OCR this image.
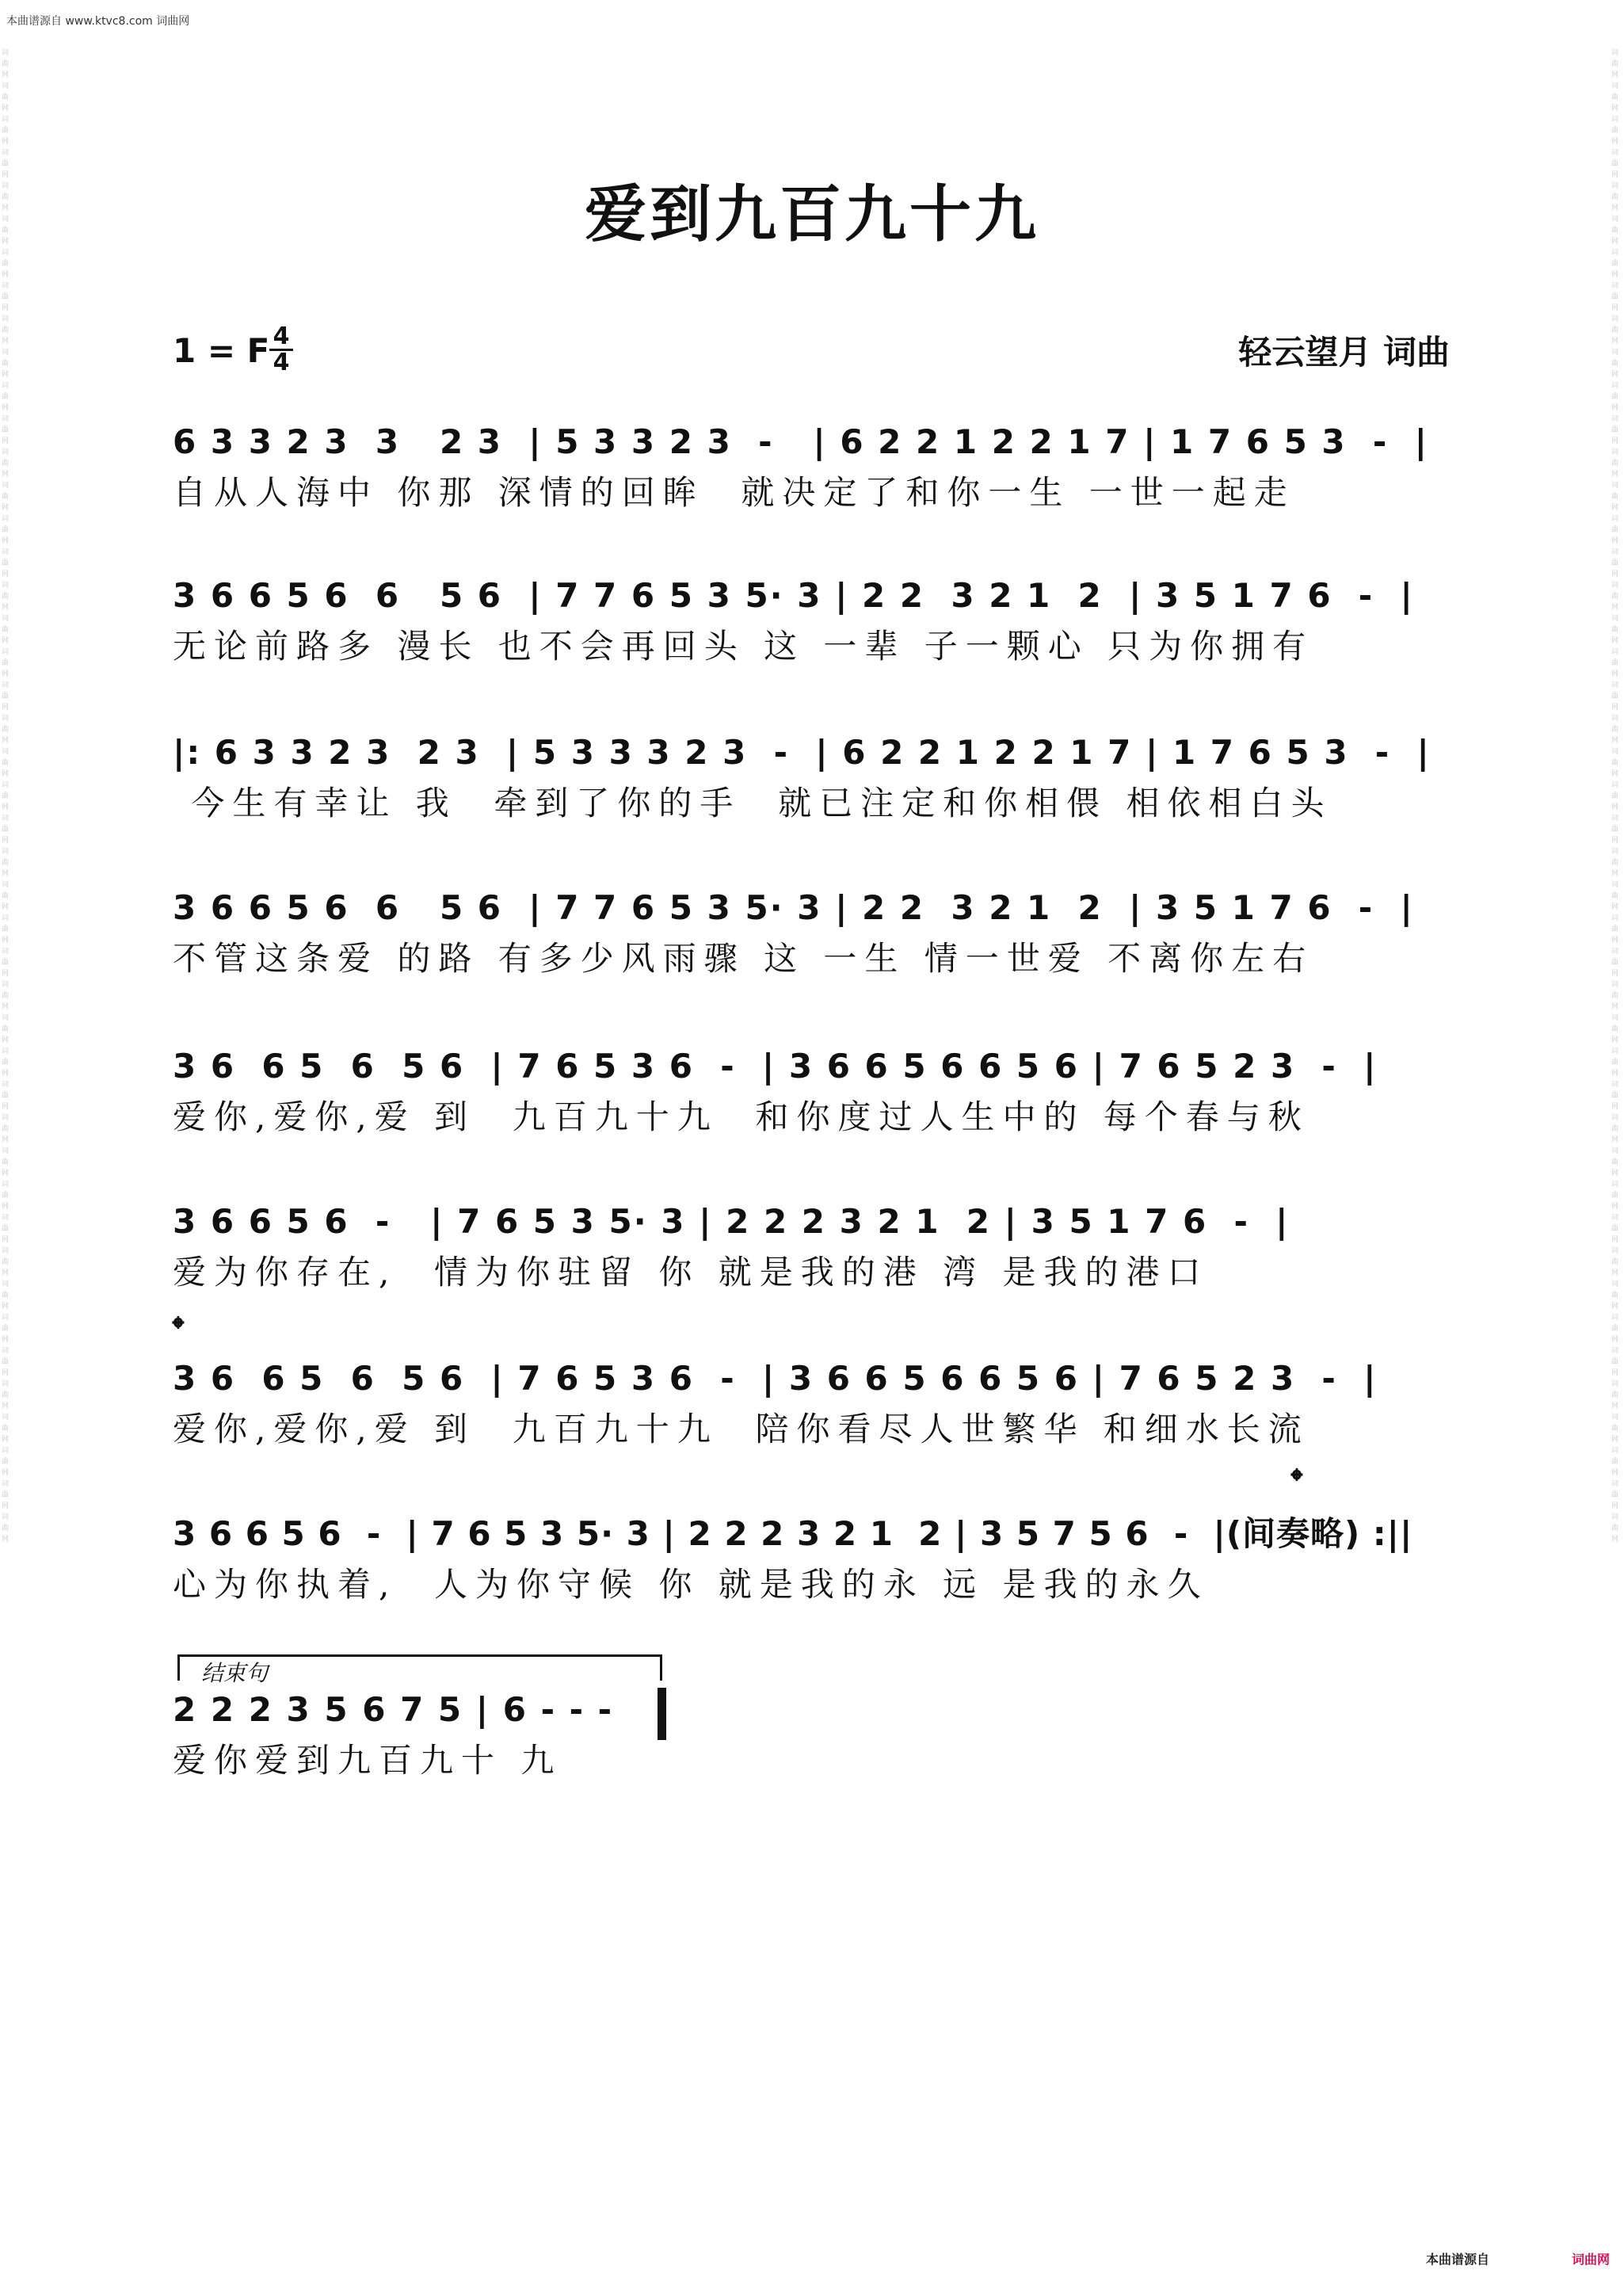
本曲谱源自 www.ktvc8.com 词曲网
词曲网词曲网词曲网词曲网词曲网词曲网词曲网词曲网词曲网词曲网词曲网词曲网词曲网词曲网词曲网词曲网词曲网词曲网词曲网词曲网词曲网词曲网词曲网词曲网词曲网词曲网词曲网词曲网词曲网词曲网词曲网词曲网词曲网词曲网词曲网词曲网词曲网词曲网词曲网词曲网词曲网词曲网词曲网词曲网词曲网
词曲网词曲网词曲网词曲网词曲网词曲网词曲网词曲网词曲网词曲网词曲网词曲网词曲网词曲网词曲网词曲网词曲网词曲网词曲网词曲网词曲网词曲网词曲网词曲网词曲网词曲网词曲网词曲网词曲网词曲网词曲网词曲网词曲网词曲网词曲网词曲网词曲网词曲网词曲网词曲网词曲网词曲网词曲网词曲网词曲网
爱到九百九十九
1 = F 4
4	轻云望月 词曲
6 3 3 2 3  3   2 3  | 5 3 3 2 3  -   | 6 2 2 1 2 2 1 7 | 1 7 6 5 3  -  |
自从人海中 你那 深情的回眸  就决定了和你一生 一世一起走
3 6 6 5 6  6   5 6  | 7 7 6 5 3 5· 3 | 2 2  3 2 1  2  | 3 5 1 7 6  -  |
无论前路多 漫长 也不会再回头 这 一辈 子一颗心 只为你拥有
|: 6 3 3 2 3  2 3  | 5 3 3 3 2 3  -  | 6 2 2 1 2 2 1 7 | 1 7 6 5 3  -  |
今生有幸让 我  牵到了你的手  就已注定和你相偎 相依相白头
3 6 6 5 6  6   5 6  | 7 7 6 5 3 5· 3 | 2 2  3 2 1  2  | 3 5 1 7 6  -  |
不管这条爱 的路 有多少风雨骤 这 一生 情一世爱 不离你左右
3 6  6 5  6  5 6  | 7 6 5 3 6  -  | 3 6 6 5 6 6 5 6 | 7 6 5 2 3  -  |
爱你,爱你,爱 到  九百九十九  和你度过人生中的 每个春与秋
3 6 6 5 6  -   | 7 6 5 3 5· 3 | 2 2 2 3 2 1  2 | 3 5 1 7 6  -  |
爱为你存在,  情为你驻留 你 就是我的港 湾 是我的港口
𝄌
3 6  6 5  6  5 6  | 7 6 5 3 6  -  | 3 6 6 5 6 6 5 6 | 7 6 5 2 3  -  |
爱你,爱你,爱 到  九百九十九  陪你看尽人世繁华 和细水长流
𝄌
3 6 6 5 6  -  | 7 6 5 3 5· 3 | 2 2 2 3 2 1  2 | 3 5 7 5 6  -  |(间奏略) :||
心为你执着,  人为你守候 你 就是我的永 远 是我的永久
结束句
2 2 2 3 5 6 7 5 | 6 - - -
爱你爱到九百九十 九
本曲谱源自	词曲网
